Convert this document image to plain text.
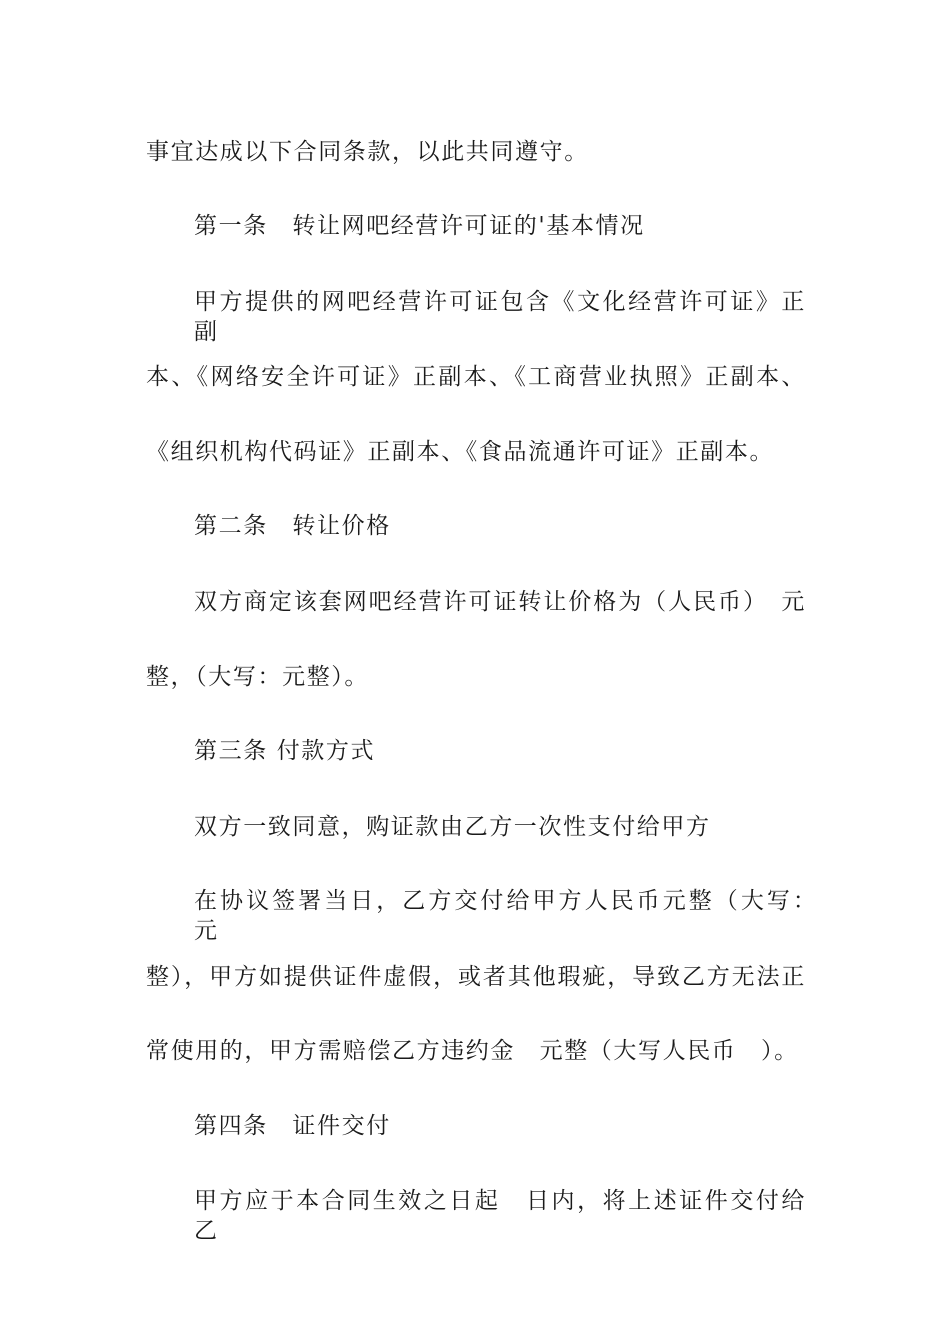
事宜达成以下合同条款，以此共同遵守。
第一条　转让网吧经营许可证的'基本情况
甲方提供的网吧经营许可证包含《文化经营许可证》正副
本、《网络安全许可证》正副本、《工商营业执照》正副本、
《组织机构代码证》正副本、《食品流通许可证》正副本。
第二条　转让价格
双方商定该套网吧经营许可证转让价格为（人民币）　元
整，（大写：元整）。
第三条 付款方式
双方一致同意，购证款由乙方一次性支付给甲方
在协议签署当日，乙方交付给甲方人民币元整（大写：　元
整），甲方如提供证件虚假，或者其他瑕疵，导致乙方无法正
常使用的，甲方需赔偿乙方违约金　元整（大写人民币　）。
第四条　证件交付
甲方应于本合同生效之日起　日内，将上述证件交付给乙
